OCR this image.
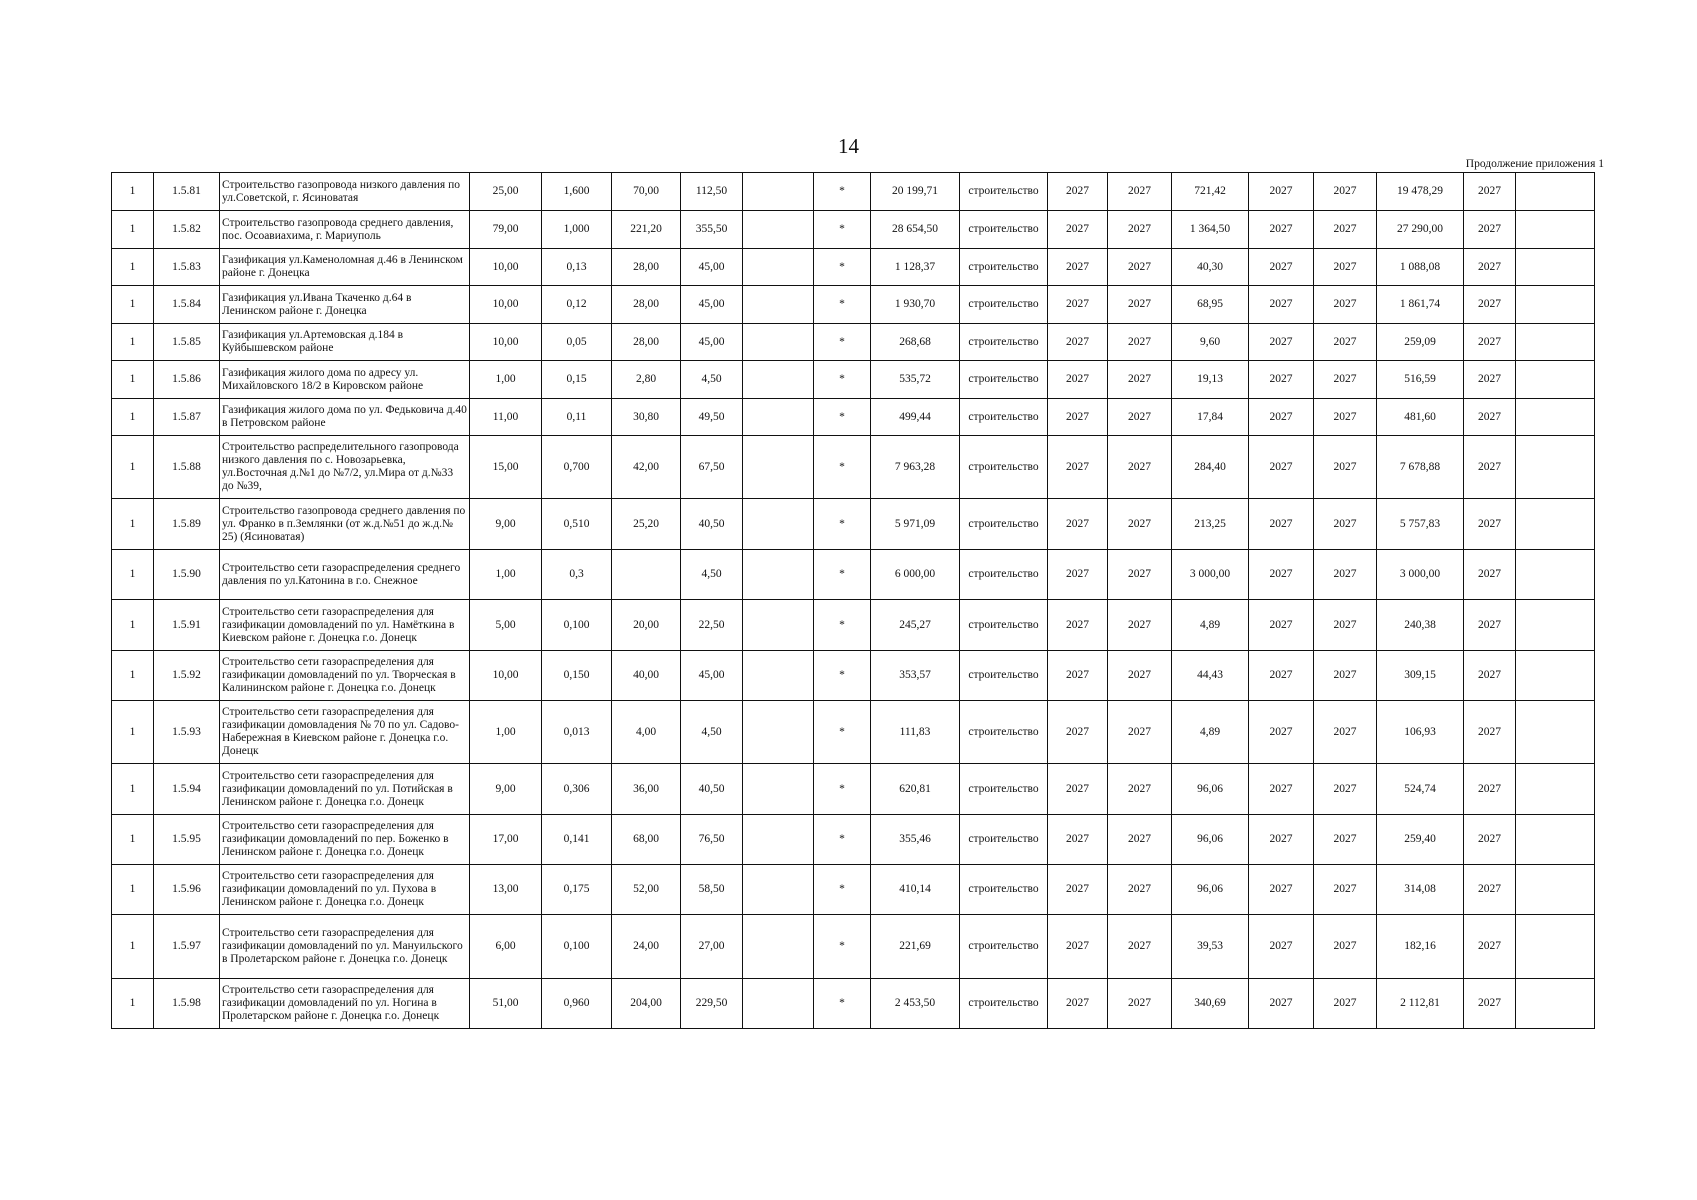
14
Продолжение приложения 1
1	1.5.81	Строительство газопровода низкого давления по ул.Советской, г. Ясиноватая	25,00	1,600	70,00	112,50		*	20 199,71	строительство	2027	2027	721,42	2027	2027	19 478,29	2027	
1	1.5.82	Строительство газопровода среднего давления, пос. Осоавиахима, г. Мариуполь	79,00	1,000	221,20	355,50		*	28 654,50	строительство	2027	2027	1 364,50	2027	2027	27 290,00	2027	
1	1.5.83	Газификация ул.Каменоломная д.46 в Ленинском районе г. Донецка	10,00	0,13	28,00	45,00		*	1 128,37	строительство	2027	2027	40,30	2027	2027	1 088,08	2027	
1	1.5.84	Газификация ул.Ивана Ткаченко д.64 в Ленинском районе г. Донецка	10,00	0,12	28,00	45,00		*	1 930,70	строительство	2027	2027	68,95	2027	2027	1 861,74	2027	
1	1.5.85	Газификация ул.Артемовская д.184 в Куйбышевском районе	10,00	0,05	28,00	45,00		*	268,68	строительство	2027	2027	9,60	2027	2027	259,09	2027	
1	1.5.86	Газификация жилого дома по адресу ул. Михайловского 18/2 в Кировском районе	1,00	0,15	2,80	4,50		*	535,72	строительство	2027	2027	19,13	2027	2027	516,59	2027	
1	1.5.87	Газификация жилого дома по ул. Федьковича д.40 в Петровском районе	11,00	0,11	30,80	49,50		*	499,44	строительство	2027	2027	17,84	2027	2027	481,60	2027	
1	1.5.88	Строительство распределительного газопровода низкого давления по с. Новозарьевка, ул.Восточная д.№1 до №7/2, ул.Мира от д.№33 до №39,	15,00	0,700	42,00	67,50		*	7 963,28	строительство	2027	2027	284,40	2027	2027	7 678,88	2027	
1	1.5.89	Строительство газопровода среднего давления по ул. Франко в п.Землянки (от ж.д.№51 до ж.д.№ 25) (Ясиноватая)	9,00	0,510	25,20	40,50		*	5 971,09	строительство	2027	2027	213,25	2027	2027	5 757,83	2027	
1	1.5.90	Строительство сети газораспределения среднего давления по ул.Катонина в г.о. Снежное	1,00	0,3		4,50		*	6 000,00	строительство	2027	2027	3 000,00	2027	2027	3 000,00	2027	
1	1.5.91	Строительство сети газораспределения для газификации домовладений по ул. Намёткина в Киевском районе г. Донецка г.о. Донецк	5,00	0,100	20,00	22,50		*	245,27	строительство	2027	2027	4,89	2027	2027	240,38	2027	
1	1.5.92	Строительство сети газораспределения для газификации домовладений по ул. Творческая в Калининском районе г. Донецка г.о. Донецк	10,00	0,150	40,00	45,00		*	353,57	строительство	2027	2027	44,43	2027	2027	309,15	2027	
1	1.5.93	Строительство сети газораспределения для газификации домовладения № 70 по ул. Садово-Набережная в Киевском районе г. Донецка г.о. Донецк	1,00	0,013	4,00	4,50		*	111,83	строительство	2027	2027	4,89	2027	2027	106,93	2027	
1	1.5.94	Строительство сети газораспределения для газификации домовладений по ул. Потийская в Ленинском районе г. Донецка г.о. Донецк	9,00	0,306	36,00	40,50		*	620,81	строительство	2027	2027	96,06	2027	2027	524,74	2027	
1	1.5.95	Строительство сети газораспределения для газификации домовладений по пер. Боженко в Ленинском районе г. Донецка г.о. Донецк	17,00	0,141	68,00	76,50		*	355,46	строительство	2027	2027	96,06	2027	2027	259,40	2027	
1	1.5.96	Строительство сети газораспределения для газификации домовладений по ул. Пухова в Ленинском районе г. Донецка г.о. Донецк	13,00	0,175	52,00	58,50		*	410,14	строительство	2027	2027	96,06	2027	2027	314,08	2027	
1	1.5.97	Строительство сети газораспределения для газификации домовладений по ул. Мануильского в Пролетарском районе г. Донецка г.о. Донецк	6,00	0,100	24,00	27,00		*	221,69	строительство	2027	2027	39,53	2027	2027	182,16	2027	
1	1.5.98	Строительство сети газораспределения для газификации домовладений по ул. Ногина в Пролетарском районе г. Донецка г.о. Донецк	51,00	0,960	204,00	229,50		*	2 453,50	строительство	2027	2027	340,69	2027	2027	2 112,81	2027	
